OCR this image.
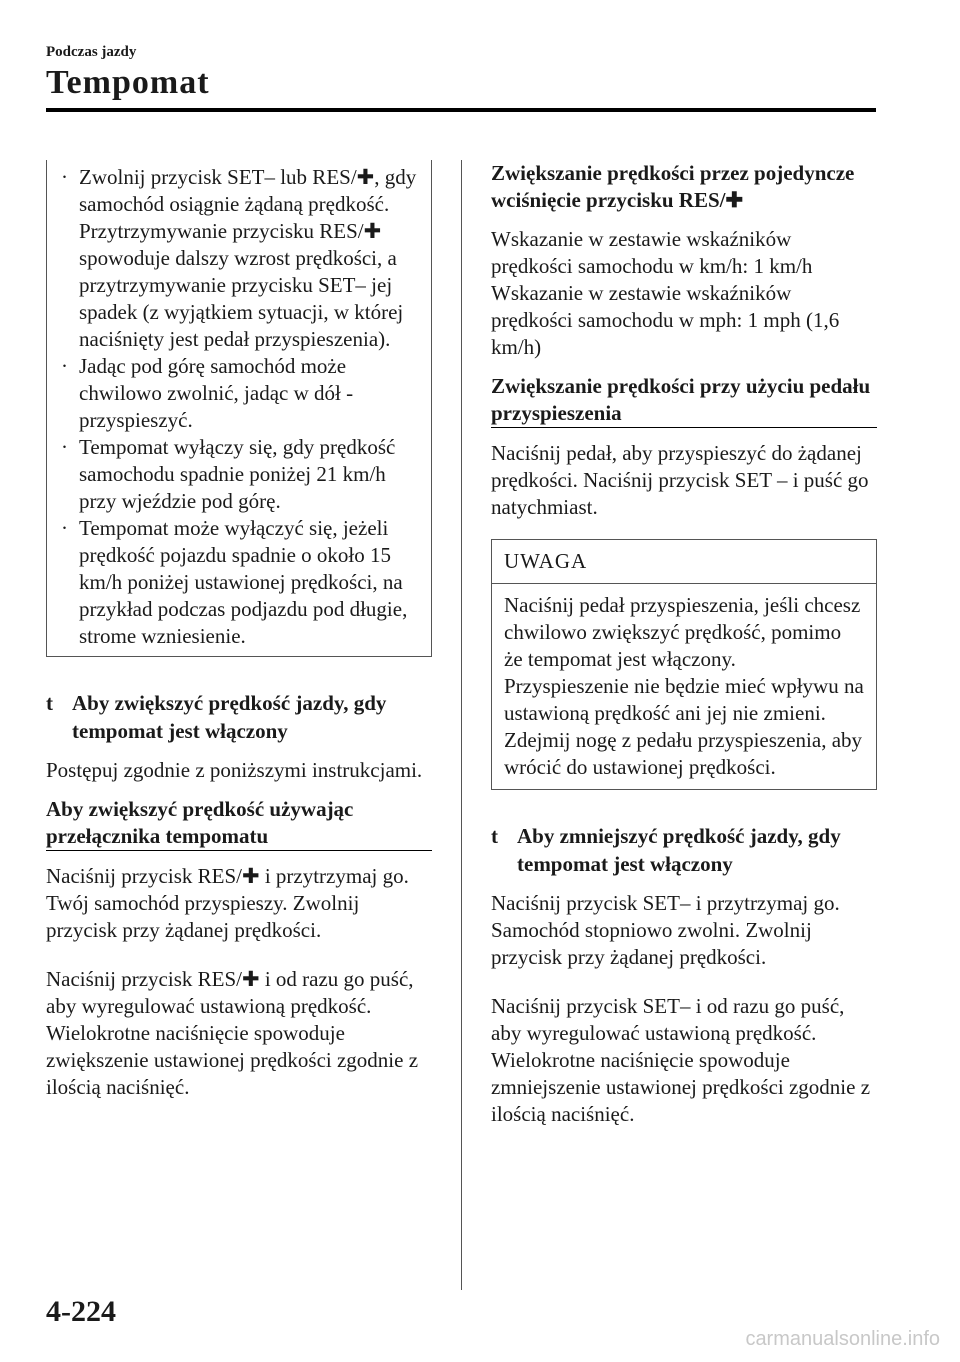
Podczas jazdy
Tempomat
· Zwolnij przycisk SET‒ lub RES/✚, gdy samochód osiągnie żądaną prędkość. Przytrzymywanie przycisku RES/✚ spowoduje dalszy wzrost prędkości, a przytrzymywanie przycisku SET‒ jej spadek (z wyjątkiem sytuacji, w której naciśnięty jest pedał przyspieszenia).
· Jadąc pod górę samochód może chwilowo zwolnić, jadąc w dół - przyspieszyć.
· Tempomat wyłączy się, gdy prędkość samochodu spadnie poniżej 21 km/h przy wjeździe pod górę.
· Tempomat może wyłączyć się, jeżeli prędkość pojazdu spadnie o około 15 km/h poniżej ustawionej prędkości, na przykład podczas podjazdu pod długie, strome wzniesienie.
t Aby zwiększyć prędkość jazdy, gdy tempomat jest włączony
Postępuj zgodnie z poniższymi instrukcjami.
Aby zwiększyć prędkość używając przełącznika tempomatu
Naciśnij przycisk RES/✚ i przytrzymaj go. Twój samochód przyspieszy. Zwolnij przycisk przy żądanej prędkości.
Naciśnij przycisk RES/✚ i od razu go puść, aby wyregulować ustawioną prędkość. Wielokrotne naciśnięcie spowoduje zwiększenie ustawionej prędkości zgodnie z ilością naciśnięć.
Zwiększanie prędkości przez pojedyncze wciśnięcie przycisku RES/✚
Wskazanie w zestawie wskaźników prędkości samochodu w km/h: 1 km/h Wskazanie w zestawie wskaźników prędkości samochodu w mph: 1 mph (1,6 km/h)
Zwiększanie prędkości przy użyciu pedału przyspieszenia
Naciśnij pedał, aby przyspieszyć do żądanej prędkości. Naciśnij przycisk SET ‒ i puść go natychmiast.
UWAGA
Naciśnij pedał przyspieszenia, jeśli chcesz chwilowo zwiększyć prędkość, pomimo że tempomat jest włączony. Przyspieszenie nie będzie mieć wpływu na ustawioną prędkość ani jej nie zmieni. Zdejmij nogę z pedału przyspieszenia, aby wrócić do ustawionej prędkości.
t Aby zmniejszyć prędkość jazdy, gdy tempomat jest włączony
Naciśnij przycisk SET‒ i przytrzymaj go. Samochód stopniowo zwolni. Zwolnij przycisk przy żądanej prędkości.
Naciśnij przycisk SET‒ i od razu go puść, aby wyregulować ustawioną prędkość. Wielokrotne naciśnięcie spowoduje zmniejszenie ustawionej prędkości zgodnie z ilością naciśnięć.
4-224
carmanualsonline.info
